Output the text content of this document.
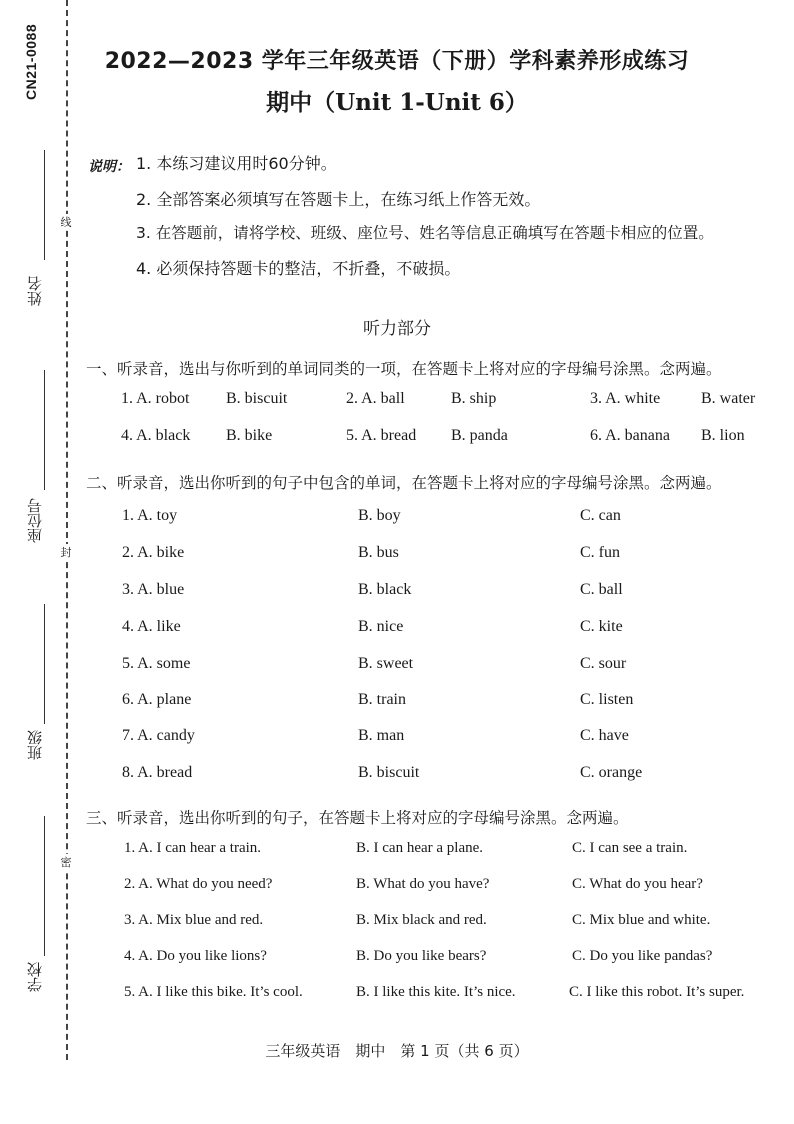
CN21-0088
姓名
座位号
班级
学校
线
封
密
2022—2023 学年三年级英语（下册）学科素养形成练习
期中（Unit 1-Unit 6）
说明： 1. 本练习建议用时60分钟。
2. 全部答案必须填写在答题卡上，在练习纸上作答无效。
3. 在答题前，请将学校、班级、座位号、姓名等信息正确填写在答题卡相应的位置。
4. 必须保持答题卡的整洁，不折叠，不破损。
听力部分
一、听录音，选出与你听到的单词同类的一项，在答题卡上将对应的字母编号涂黑。念两遍。
1. A. robot B. biscuit	2. A. ball	B. ship	3. A. white	B. water
4. A. black B. bike	5. A. bread B. panda	6. A. banana B. lion
二、听录音，选出你听到的句子中包含的单词，在答题卡上将对应的字母编号涂黑。念两遍。
1. A. toy	B. boy	C. can
2. A. bike	B. bus	C. fun
3. A. blue	B. black	C. ball
4. A. like	B. nice	C. kite
5. A. some	B. sweet	C. sour
6. A. plane	B. train	C. listen
7. A. candy	B. man	C. have
8. A. bread	B. biscuit	C. orange
三、听录音，选出你听到的句子，在答题卡上将对应的字母编号涂黑。念两遍。
1. A. I can hear a train.	B. I can hear a plane.	C. I can see a train.
2. A. What do you need?	B. What do you have?	C. What do you hear?
3. A. Mix blue and red.	B. Mix black and red.	C. Mix blue and white.
4. A. Do you like lions?	B. Do you like bears?	C. Do you like pandas?
5. A. I like this bike. It’s cool.	B. I like this kite. It’s nice.	C. I like this robot. It’s super.
三年级英语　期中　第 1 页（共 6 页）
